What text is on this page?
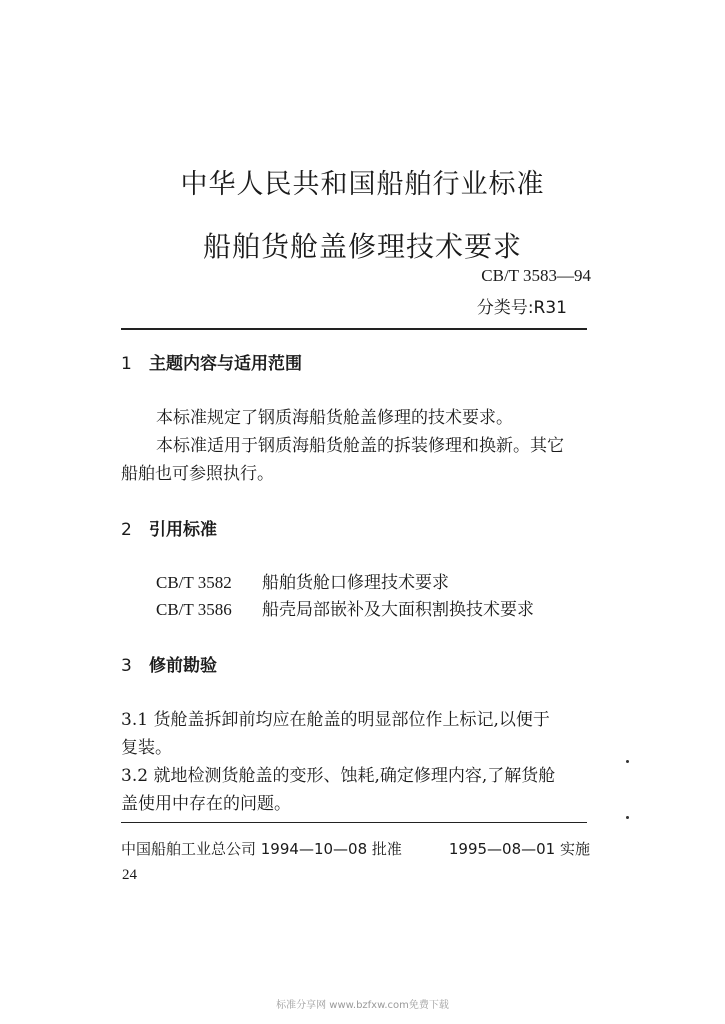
中华人民共和国船舶行业标准
船舶货舱盖修理技术要求
CB/T 3583—94
分类号:R31
1 主题内容与适用范围
本标准规定了钢质海船货舱盖修理的技术要求。
本标准适用于钢质海船货舱盖的拆装修理和换新。其它
船舶也可参照执行。
2 引用标准
CB/T 3582 船舶货舱口修理技术要求
CB/T 3586 船壳局部嵌补及大面积割换技术要求
3 修前勘验
3.1 货舱盖拆卸前均应在舱盖的明显部位作上标记,以便于
复装。
3.2 就地检测货舱盖的变形、蚀耗,确定修理内容,了解货舱
盖使用中存在的问题。
中国船舶工业总公司 1994—10—08 批准	1995—08—01 实施
24
标准分享网 www.bzfxw.com免费下载
